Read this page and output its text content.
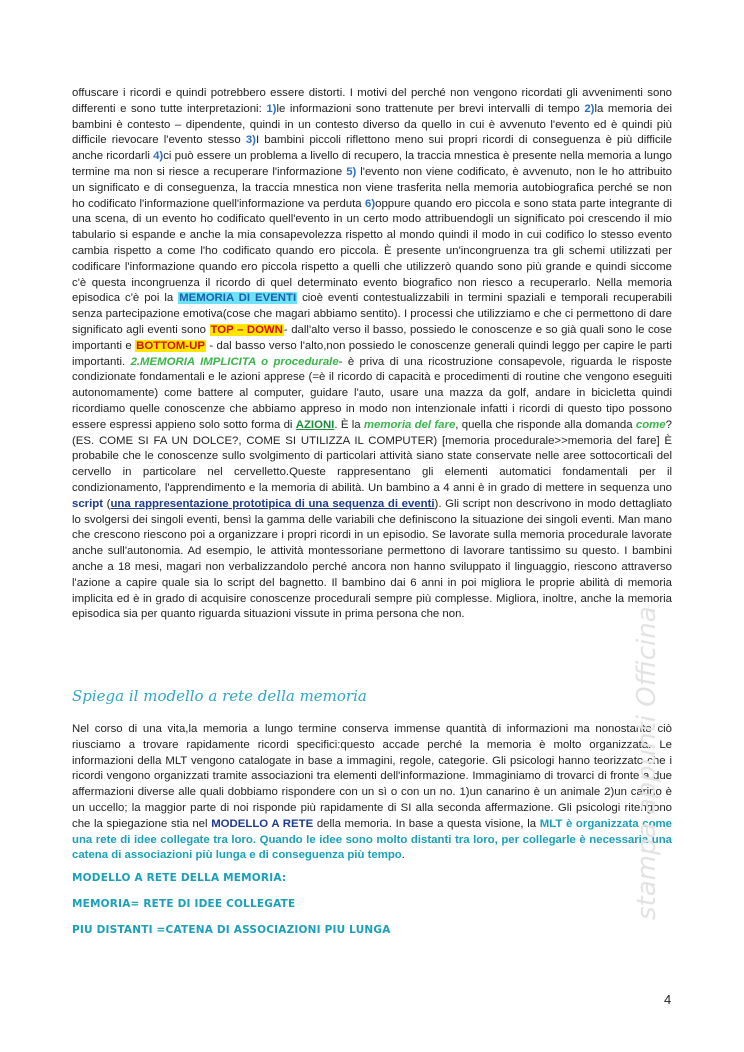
offuscare i ricordi e quindi potrebbero essere distorti. I motivi del perché non vengono ricordati gli avvenimenti sono differenti e sono tutte interpretazioni: 1)le informazioni sono trattenute per brevi intervalli di tempo 2)la memoria dei bambini è contesto – dipendente, quindi in un contesto diverso da quello in cui è avvenuto l'evento ed è quindi più difficile rievocare l'evento stesso 3)I bambini piccoli riflettono meno sui propri ricordi di conseguenza è più difficile anche ricordarli 4)ci può essere un problema a livello di recupero, la traccia mnestica è presente nella memoria a lungo termine ma non si riesce a recuperare l'informazione 5) l'evento non viene codificato, è avvenuto, non le ho attribuito un significato e di conseguenza, la traccia mnestica non viene trasferita nella memoria autobiografica perché se non ho codificato l'informazione quell'informazione va perduta 6)oppure quando ero piccola e sono stata parte integrante di una scena, di un evento ho codificato quell'evento in un certo modo attribuendogli un significato poi crescendo il mio tabulario si espande e anche la mia consapevolezza rispetto al mondo quindi il modo in cui codifico lo stesso evento cambia rispetto a come l'ho codificato quando ero piccola. È presente un'incongruenza tra gli schemi utilizzati per codificare l'informazione quando ero piccola rispetto a quelli che utilizzerò quando sono più grande e quindi siccome c'è questa incongruenza il ricordo di quel determinato evento biografico non riesco a recuperarlo. Nella memoria episodica c'è poi la MEMORIA DI EVENTI cioè eventi contestualizzabili in termini spaziali e temporali recuperabili senza partecipazione emotiva(cose che magari abbiamo sentito). I processi che utilizziamo e che ci permettono di dare significato agli eventi sono TOP – DOWN- dall'alto verso il basso, possiedo le conoscenze e so già quali sono le cose importanti e BOTTOM-UP - dal basso verso l'alto,non possiedo le conoscenze generali quindi leggo per capire le parti importanti. 2.MEMORIA IMPLICITA o procedurale- è priva di una ricostruzione consapevole, riguarda le risposte condizionate fondamentali e le azioni apprese (=è il ricordo di capacità e procedimenti di routine che vengono eseguiti autonomamente) come battere al computer, guidare l'auto, usare una mazza da golf, andare in bicicletta quindi ricordiamo quelle conoscenze che abbiamo appreso in modo non intenzionale infatti i ricordi di questo tipo possono essere espressi appieno solo sotto forma di AZIONI. È la memoria del fare, quella che risponde alla domanda come? (ES. COME SI FA UN DOLCE?, COME SI UTILIZZA IL COMPUTER) [memoria procedurale>>memoria del fare] È probabile che le conoscenze sullo svolgimento di particolari attività siano state conservate nelle aree sottocorticali del cervello in particolare nel cervelletto.Queste rappresentano gli elementi automatici fondamentali per il condizionamento, l'apprendimento e la memoria di abilità. Un bambino a 4 anni è in grado di mettere in sequenza uno script (una rappresentazione prototipica di una sequenza di eventi). Gli script non descrivono in modo dettagliato lo svolgersi dei singoli eventi, bensì la gamma delle variabili che definiscono la situazione dei singoli eventi. Man mano che crescono riescono poi a organizzare i propri ricordi in un episodio. Se lavorate sulla memoria procedurale lavorate anche sull'autonomia. Ad esempio, le attività montessoriane permettono di lavorare tantissimo su questo. I bambini anche a 18 mesi, magari non verbalizzandolo perché ancora non hanno sviluppato il linguaggio, riescono attraverso l'azione a capire quale sia lo script del bagnetto. Il bambino dai 6 anni in poi migliora le proprie abilità di memoria implicita ed è in grado di acquisire conoscenze procedurali sempre più complesse. Migliora, inoltre, anche la memoria episodica sia per quanto riguarda situazioni vissute in prima persona che non.

Spiega il modello a rete della memoria

Nel corso di una vita,la memoria a lungo termine conserva immense quantità di informazioni ma nonostante ciò riusciamo a trovare rapidamente ricordi specifici:questo accade perché la memoria è molto organizzata. Le informazioni della MLT vengono catalogate in base a immagini, regole, categorie. Gli psicologi hanno teorizzato che i ricordi vengono organizzati tramite associazioni tra elementi dell'informazione. Immaginiamo di trovarci di fronte a due affermazioni diverse alle quali dobbiamo rispondere con un sì o con un no. 1)un canarino è un animale 2)un carino è un uccello; la maggior parte di noi risponde più rapidamente di SI alla seconda affermazione. Gli psicologi ritengono che la spiegazione stia nel MODELLO A RETE della memoria. In base a questa visione, la MLT è organizzata come una rete di idee collegate tra loro. Quando le idee sono molto distanti tra loro, per collegarle è necessaria una catena di associazioni più lunga e di conseguenza più tempo.

MODELLO A RETE DELLA MEMORIA:
MEMORIA= RETE DI IDEE COLLEGATE
PIU DISTANTI =CATENA DI ASSOCIAZIONI PIU LUNGA
stampa appunti Officina
4
